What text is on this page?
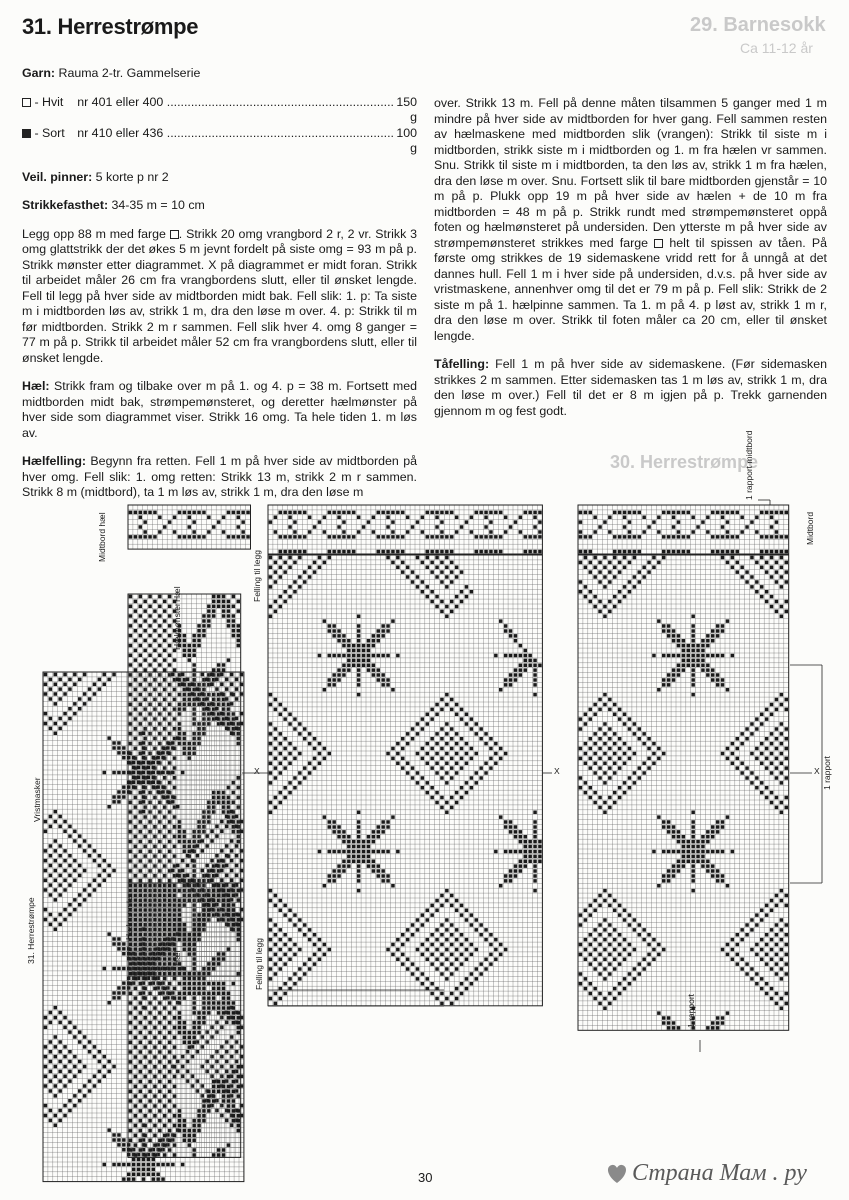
29. Barnesokk
Ca 11-12 år
30. Herrestrømpe
31. Herrestrømpe

Garn: Rauma 2-tr. Gammelserie

- Hvit	nr 401 eller 400 .................................................................. 150 g
- Sort	nr 410 eller 436 .................................................................. 100 g

Veil. pinner: 5 korte p nr 2

Strikkefasthet: 34-35 m = 10 cm

Legg opp 88 m med farge . Strikk 20 omg vrangbord 2 r, 2 vr. Strikk 3 omg glattstrikk der det økes 5 m jevnt fordelt på siste omg = 93 m på p. Strikk mønster etter diagrammet. X på diagrammet er midt foran. Strikk til arbeidet måler 26 cm fra vrangbordens slutt, eller til ønsket lengde. Fell til legg på hver side av midtborden midt bak. Fell slik: 1. p: Ta siste m i midtborden løs av, strikk 1 m, dra den løse m over. 4. p: Strikk til m før midtborden. Strikk 2 m r sammen. Fell slik hver 4. omg 8 ganger = 77 m på p. Strikk til arbeidet måler 52 cm fra vrangbordens slutt, eller til ønsket lengde.

Hæl: Strikk fram og tilbake over m på 1. og 4. p = 38 m. Fortsett med midtborden midt bak, strømpemønsteret, og deretter hælmønster på hver side som diagrammet viser. Strikk 16 omg. Ta hele tiden 1. m løs av.

Hælfelling: Begynn fra retten. Fell 1 m på hver side av midtborden på hver omg. Fell slik: 1. omg retten: Strikk 13 m, strikk 2 m r sammen. Strikk 8 m (midtbord), ta 1 m løs av, strikk 1 m, dra den løse m

over. Strikk 13 m. Fell på denne måten tilsammen 5 ganger med 1 m mindre på hver side av midtborden for hver gang. Fell sammen resten av hælmaskene med midtborden slik (vrangen): Strikk til siste m i midtborden, strikk siste m i midtborden og 1. m fra hælen vr sammen. Snu. Strikk til siste m i midtborden, ta den løs av, strikk 1 m fra hælen, dra den løse m over. Snu. Fortsett slik til bare midtborden gjenstår = 10 m på p. Plukk opp 19 m på hver side av hælen + de 10 m fra midtborden = 48 m på p. Strikk rundt med strømpemønsteret oppå foten og hælmønsteret på undersiden. Den ytterste m på hver side av strømpemønsteret strikkes med farge  helt til spissen av tåen. På første omg strikkes de 19 sidemaskene vridd rett for å unngå at det dannes hull. Fell 1 m i hver side på undersiden, d.v.s. på hver side av vristmaskene, annenhver omg til det er 79 m på p. Fell slik: Strikk de 2 siste m på 1. hælpinne sammen. Ta 1. m på 4. p løst av, strikk 1 m r, dra den løse m over. Strikk til foten måler ca 20 cm, eller til ønsket lengde.

Tåfelling: Fell 1 m på hver side av sidemaskene. (Før sidemasken strikkes 2 m sammen. Etter sidemasken tas 1 m løs av, strikk 1 m, dra den løse m over.) Fell til det er 8 m igjen på p. Trekk garnenden gjennom m og fest godt.

Midtbord hæl
Hæl
Hælmønster
Vristmasker
Hælmønster
Hæl
31. Herrestrømpe
Felling til legg
Felling til legg
X	X	X
1 rapport midtbord
Midtbord
1 rapport
1 rapport
30	Страна Мам . ру
